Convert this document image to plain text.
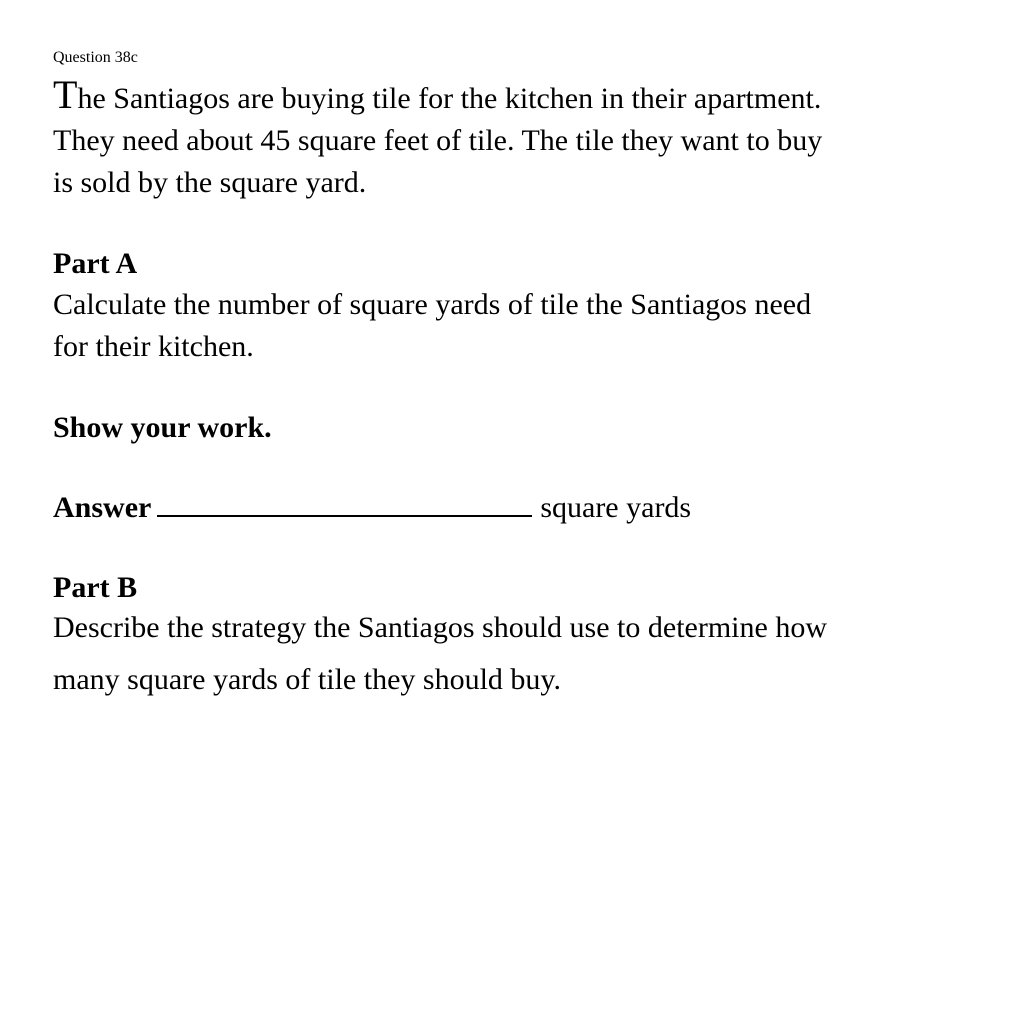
Question 38c

The Santiagos are buying tile for the kitchen in their apartment.
They need about 45 square feet of tile. The tile they want to buy
is sold by the square yard.

Part A

Calculate the number of square yards of tile the Santiagos need
for their kitchen.

Show your work.

Answer	square yards

Part B

Describe the strategy the Santiagos should use to determine how
many square yards of tile they should buy.
